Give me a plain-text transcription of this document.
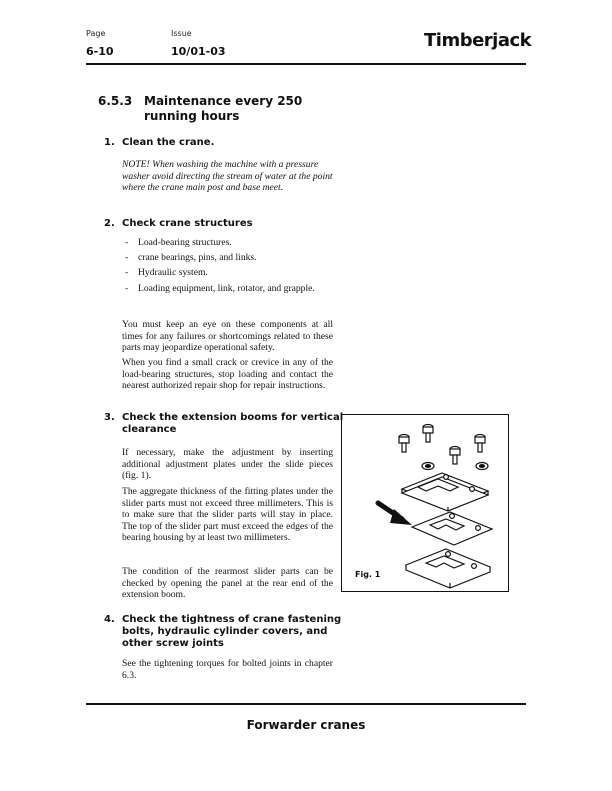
Page
6-10
Issue
10/01-03
Timberjack
6.5.3 Maintenance every 250 running hours
1. Clean the crane.
NOTE! When washing the machine with a pressure washer avoid directing the stream of water at the point where the crane main post and base meet.
2. Check crane structures
- Load-bearing structures.
- crane bearings, pins, and links.
- Hydraulic system.
- Loading equipment, link, rotator, and grapple.
You must keep an eye on these components at all times for any failures or shortcomings related to these parts may jeopardize operational safety.
When you find a small crack or crevice in any of the load-bearing structures, stop loading and contact the nearest authorized repair shop for repair instructions.
3. Check the extension booms for vertical clearance
If necessary, make the adjustment by inserting additional adjustment plates under the slide pieces (fig. 1).
The aggregate thickness of the fitting plates under the slider parts must not exceed three millimeters. This is to make sure that the slider parts will stay in place. The top of the slider part must exceed the edges of the bearing housing by at least two millimeters.
The condition of the rearmost slider parts can be checked by opening the panel at the rear end of the extension boom.
4. Check the tightness of crane fastening bolts, hydraulic cylinder covers, and other screw joints
See the tightening torques for bolted joints in chapter 6.3.
Fig. 1
Forwarder cranes
